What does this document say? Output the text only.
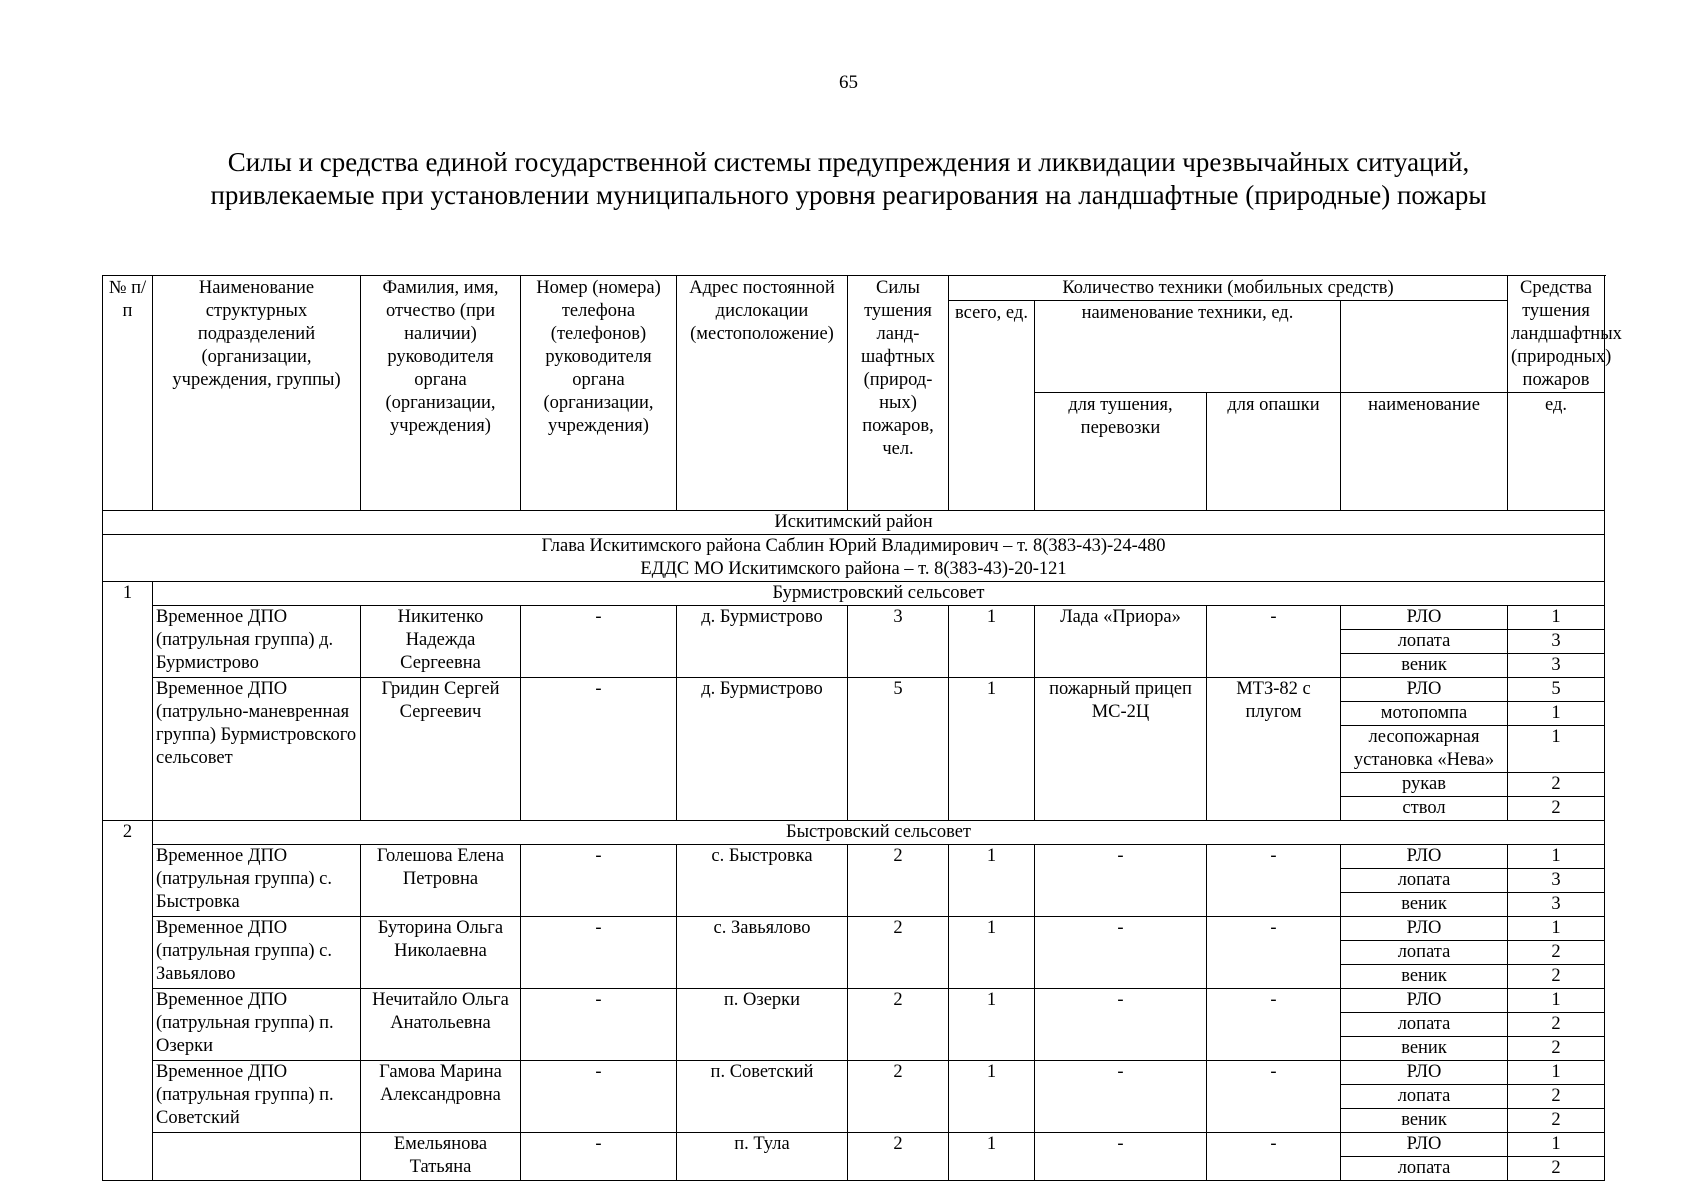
65
Силы и средства единой государственной системы предупреждения и ликвидации чрезвычайных ситуаций,
привлекаемые при установлении муниципального уровня реагирования на ландшафтные (природные) пожары
№ п/п	Наименование структурных подразделений (организации, учреждения, группы)	Фамилия, имя, отчество (при наличии) руководителя органа (организации, учреждения)	Номер (номера) телефона (телефонов) руководителя органа (организации, учреждения)	Адрес постоянной дислокации (местоположение)	Силы тушения ланд-шафтных (природ-ных) пожаров, чел.	Количество техники (мобильных средств)				Средства тушения ландшафтных (природных) пожаров
						всего, ед.	наименование техники, ед.			
							для тушения, перевозки	для опашки	наименование	ед.
Искитимский район										

Глава Искитимского района Саблин Юрий Владимирович – т. 8(383-43)-24-480
ЕДДС МО Искитимского района – т. 8(383-43)-20-121										

1	Бурмистровский сельсовет									
	Временное ДПО (патрульная группа) д. Бурмистрово	Никитенко Надежда Сергеевна	-	д. Бурмистрово	3	1	Лада «Приора»	-	РЛО	1
									лопата	3
									веник	3
	Временное ДПО (патрульно-маневренная группа) Бурмистровского сельсовет	Гридин Сергей Сергеевич	-	д. Бурмистрово	5	1	пожарный прицеп МС-2Ц	МТЗ-82 с плугом	РЛО	5
									мотопомпа	1
									лесопожарная установка «Нева»	1
									рукав	2
									ствол	2
2	Быстровский сельсовет									
	Временное ДПО (патрульная группа) с. Быстровка	Голешова Елена Петровна	-	с. Быстровка	2	1	-	-	РЛО	1
									лопата	3
									веник	3
	Временное ДПО (патрульная группа) с. Завьялово	Буторина Ольга Николаевна	-	с. Завьялово	2	1	-	-	РЛО	1
									лопата	2
									веник	2
	Временное ДПО (патрульная группа) п. Озерки	Нечитайло Ольга Анатольевна	-	п. Озерки	2	1	-	-	РЛО	1
									лопата	2
									веник	2
	Временное ДПО (патрульная группа) п. Советский	Гамова Марина Александровна	-	п. Советский	2	1	-	-	РЛО	1
									лопата	2
									веник	2
		Емельянова Татьяна	-	п. Тула	2	1	-	-	РЛО	1
									лопата	2
